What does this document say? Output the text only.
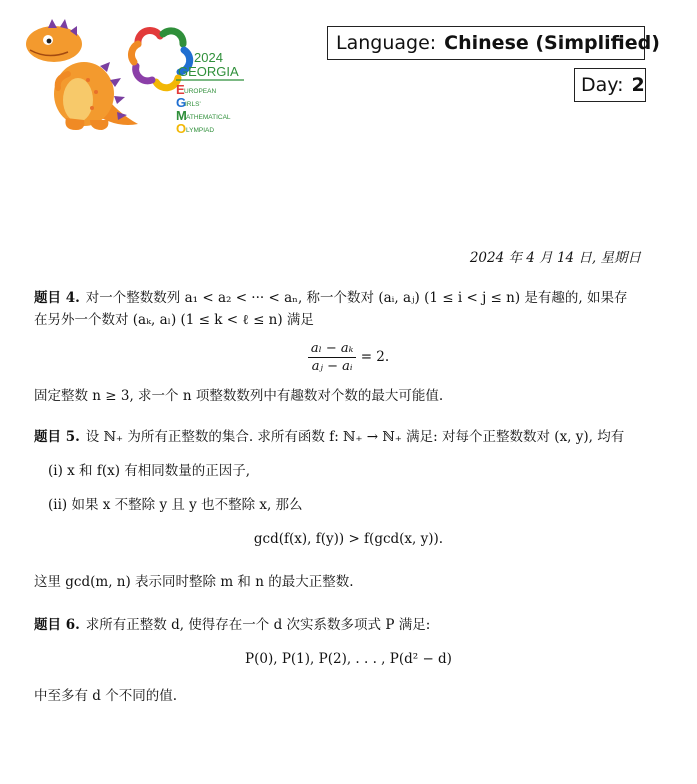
2024
GEORGIA
E UROPEAN
G
IRLS'
M ATHEMATICAL
O LYMPIAD
Language: Chinese (Simplified)
Day: 2
2024 年 4 月 14 日, 星期日
题目 4. 对一个整数数列 a₁ < a₂ < ··· < aₙ, 称一个数对 (aᵢ, aⱼ) (1 ≤ i < j ≤ n) 是有趣的, 如果存
在另外一个数对 (aₖ, aₗ) (1 ≤ k < ℓ ≤ n) 满足
$\frac{\text{aₗ − aₖ}}{\text{aⱼ − aᵢ}} = 2$.
固定整数 n ≥ 3, 求一个 n 项整数数列中有趣数对个数的最大可能值.
题目 5. 设 ℕ₊ 为所有正整数的集合. 求所有函数 f: ℕ₊ → ℕ₊ 满足: 对每个正整数数对 (x, y), 均有
(i) x 和 f(x) 有相同数量的正因子,
(ii) 如果 x 不整除 y 且 y 也不整除 x, 那么
gcd(f(x), f(y)) > f(gcd(x, y)).
这里 gcd(m, n) 表示同时整除 m 和 n 的最大正整数.
题目 6. 求所有正整数 d, 使得存在一个 d 次实系数多项式 P 满足:
P(0), P(1), P(2), . . . , P(d² − d)
中至多有 d 个不同的值.
